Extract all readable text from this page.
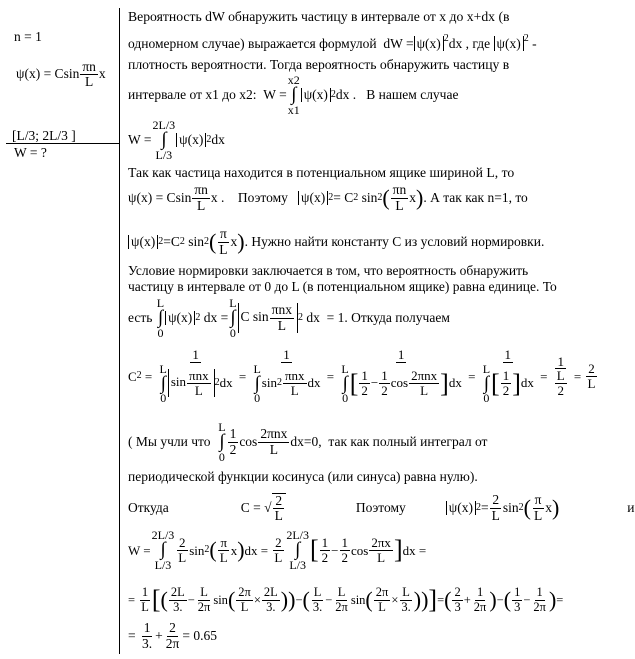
n = 1
ψ(x) = Csin $\frac{\pi n}{L}$ x
[L/3; 2L/3 ]
W = ?
Вероятность dW обнаружить частицу в интервале от x до x+dx (в
одномерном случае) выражается формулой dW = ψ(x) $^2$dx , где ψ(x) $^2$ -
плотность вероятности. Тогда вероятность обнаружить частицу в
интервале от x1 до x2:
W =
x2
∫
x1
ψ(x) 2 dx .
В нашем случае
W =
2L/3
∫
L/3
ψ(x) 2 dx
Так как частица находится в потенциальном ящике шириной L, то
ψ(x) = C $\sin \frac{\pi n}{L}$ x . Поэтому
ψ(x) 2 = C 2 sin 2 ( $\frac{\pi n}{L}$ x ) . А так как n=1, то
ψ(x) 2 =C 2 sin 2 ( $\frac{\pi}{L}$ x ) . Нужно найти константу C из условий нормировки.
Условие нормировки заключается в том, что вероятность обнаружить
частицу в интервале от 0 до L (в потенциальном ящике) равна единице. То
есть

L
∫
0
ψ(x) 2 dx =
L
∫
0
C $\sin \frac{\text{πnx}}{L} 2$ dx = 1. Откуда получаем
C 2 = 1
L
∫
0
$\sin \frac{\text{πnx}}{L} 2$ dx = 1
L
∫
0
$\sin 2 \frac{\text{πnx}}{L}$ dx = 1
L
∫
0
[ $\frac{1}{2} - \frac{1}{2}$ $\cos \frac{\text{2πnx}}{L}$ ] dx = 1
L
∫
0
[ $\frac{1}{2}$ ] dx = $\frac{1}{\frac{L}{2}} = \frac{2}{L}$
( Мы учли что

L
∫
$0 \frac{1}{2}$ $\cos \frac{\text{2πnx}}{L} dx=0$,
так как полный интеграл от
периодической функции косинуса (или синуса) равна нулю).
Откуда	C = √ $\frac{2}{L}$	Поэтому	ψ(x) $2 = \frac{2}{L}$ sin 2 ( $\frac{\pi}{L}$ x )	и
W =
2L/3
∫
L/3
$\frac{2}{L}$ sin 2 ( $\frac{\pi}{L}$ x ) dx = $\frac{2}{L}$
2L/3
∫
L/3
[ $\frac{1}{2} - \frac{1}{2}$ $\cos \frac{2\pi x}{L}$ ] dx =
=
$\frac{1}{L}$ [ ( $\frac{2L}{3.} - \frac{L}{2\pi}$ sin ( $\frac{2\pi}{L} \times \frac{2L}{3.}$ ) ) − ( $\frac{L}{3.} - \frac{L}{2\pi}$ sin ( $\frac{2\pi}{L} \times \frac{L}{3.}$ ) ) ] = ( $\frac{2}{3} + \frac{1}{2\pi}$ ) − ( $\frac{1}{3} - \frac{1}{2\pi}$ ) =
=
$\frac{1}{3.} + \frac{2}{2\pi} = 0.65$
